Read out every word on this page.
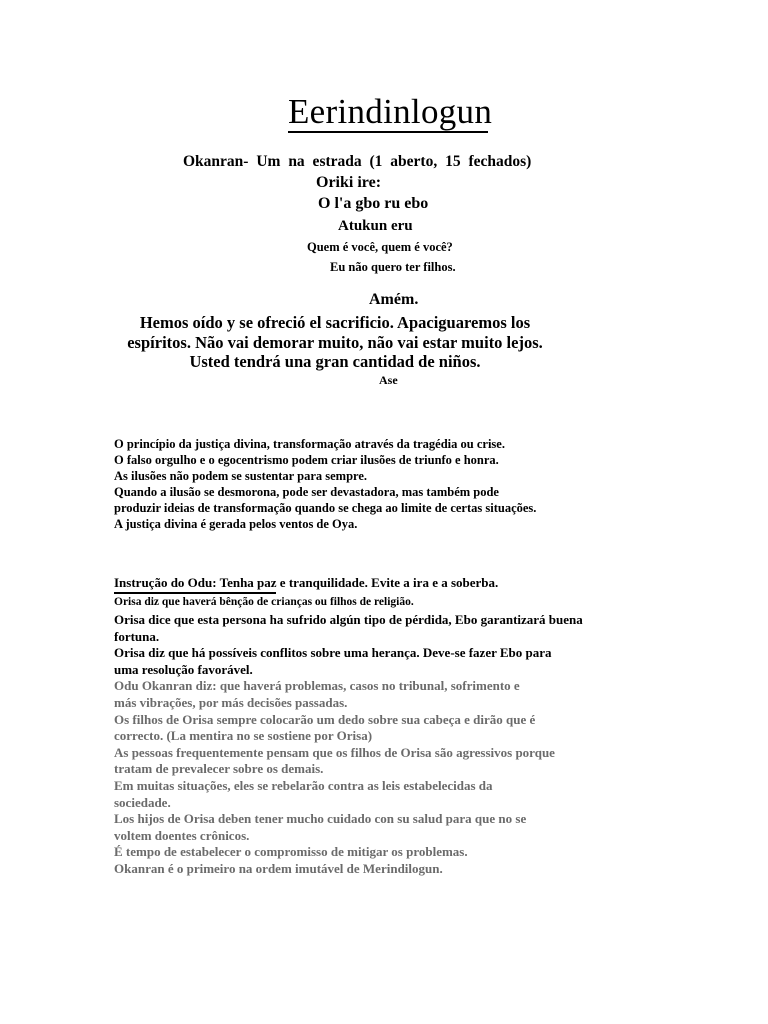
Eerindinlogun
Okanran- Um na estrada (1 aberto, 15 fechados)
Oriki ire:
O l'a gbo ru ebo
Atukun eru
Quem é você, quem é você?
Eu não quero ter filhos.
Amém.
Hemos oído y se ofreció el sacrificio. Apaciguaremos los espíritos. Não vai demorar muito, não vai estar muito lejos. Usted tendrá una gran cantidad de niños.
Ase
O princípio da justiça divina, transformação através da tragédia ou crise.
O falso orgulho e o egocentrismo podem criar ilusões de triunfo e honra.
As ilusões não podem se sustentar para sempre.
Quando a ilusão se desmorona, pode ser devastadora, mas também pode
produzir ideias de transformação quando se chega ao limite de certas situações.
A justiça divina é gerada pelos ventos de Oya.
Instrução do Odu: Tenha paz e tranquilidade. Evite a ira e a soberba.
Orisa diz que haverá bênção de crianças ou filhos de religião.
Orisa dice que esta persona ha sufrido algún tipo de pérdida, Ebo garantizará buena
fortuna.
Orisa diz que há possíveis conflitos sobre uma herança. Deve-se fazer Ebo para
uma resolução favorável.
Odu Okanran diz: que haverá problemas, casos no tribunal, sofrimento e
más vibrações, por más decisões passadas.
Os filhos de Orisa sempre colocarão um dedo sobre sua cabeça e dirão que é
correcto. (La mentira no se sostiene por Orisa)
As pessoas frequentemente pensam que os filhos de Orisa são agressivos porque
tratam de prevalecer sobre os demais.
Em muitas situações, eles se rebelarão contra as leis estabelecidas da
sociedade.
Los hijos de Orisa deben tener mucho cuidado con su salud para que no se
voltem doentes crônicos.
É tempo de estabelecer o compromisso de mitigar os problemas.
Okanran é o primeiro na ordem imutável de Merindilogun.
